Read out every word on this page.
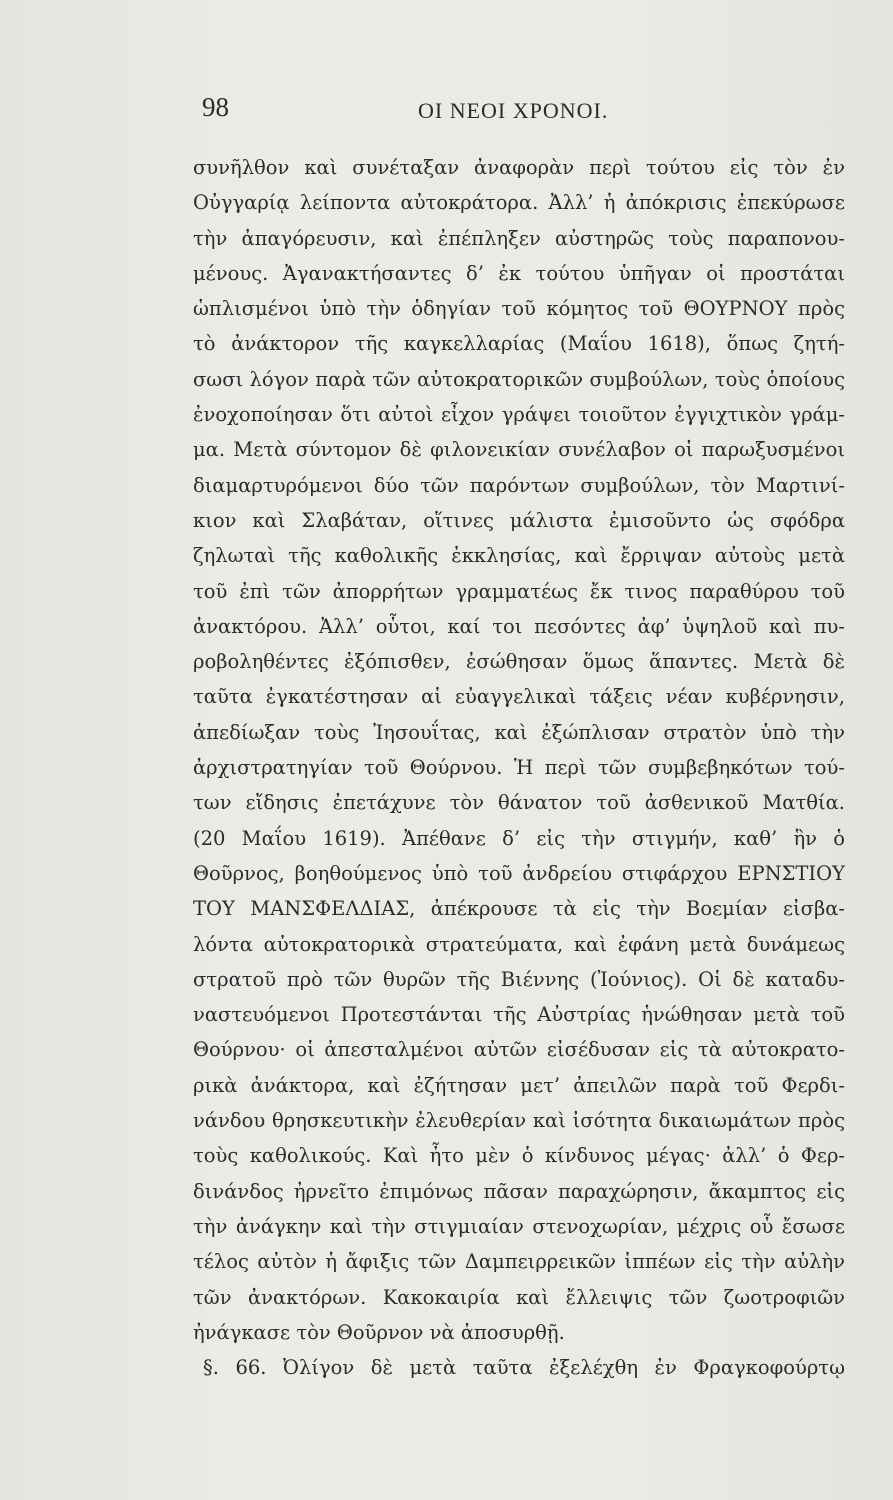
98	ΟΙ ΝΕΟΙ ΧΡΟΝΟΙ.
συνῆλθον καὶ συνέταξαν ἀναφορὰν περὶ τούτου εἰς τὸν ἐν
Οὐγγαρίᾳ λείποντα αὐτοκράτορα. Ἀλλ’ ἡ ἀπόκρισις ἐπεκύρωσε
τὴν ἀπαγόρευσιν, καὶ ἐπέπληξεν αὐστηρῶς τοὺς παραπονου-
μένους. Ἀγανακτήσαντες δ’ ἐκ τούτου ὑπῆγαν οἱ προστάται
ὡπλισμένοι ὑπὸ τὴν ὁδηγίαν τοῦ κόμητος τοῦ ΘΟΥΡΝΟΥ πρὸς
τὸ ἀνάκτορον τῆς καγκελλαρίας (Μαΐου 1618), ὅπως ζητή-
σωσι λόγον παρὰ τῶν αὐτοκρατορικῶν συμβούλων, τοὺς ὁποίους
ἐνοχοποίησαν ὅτι αὐτοὶ εἶχον γράψει τοιοῦτον ἐγγιχτικὸν γράμ-
μα. Μετὰ σύντομον δὲ φιλονεικίαν συνέλαβον οἱ παρωξυσμένοι
διαμαρτυρόμενοι δύο τῶν παρόντων συμβούλων, τὸν Μαρτινί-
κιον καὶ Σλαβάταν, οἵτινες μάλιστα ἐμισοῦντο ὡς σφόδρα
ζηλωταὶ τῆς καθολικῆς ἐκκλησίας, καὶ ἔρριψαν αὐτοὺς μετὰ
τοῦ ἐπὶ τῶν ἀπορρήτων γραμματέως ἔκ τινος παραθύρου τοῦ
ἀνακτόρου. Ἀλλ’ οὗτοι, καί τοι πεσόντες ἀφ’ ὑψηλοῦ καὶ πυ-
ροβοληθέντες ἐξόπισθεν, ἐσώθησαν ὅμως ἅπαντες. Μετὰ δὲ
ταῦτα ἐγκατέστησαν αἱ εὐαγγελικαὶ τάξεις νέαν κυβέρνησιν,
ἀπεδίωξαν τοὺς Ἰησουΐτας, καὶ ἐξώπλισαν στρατὸν ὑπὸ τὴν
ἀρχιστρατηγίαν τοῦ Θούρνου. Ἡ περὶ τῶν συμβεβηκότων τού-
των εἴδησις ἐπετάχυνε τὸν θάνατον τοῦ ἀσθενικοῦ Ματθία.
(20 Μαΐου 1619). Ἀπέθανε δ’ εἰς τὴν στιγμήν, καθ’ ἣν ὁ
Θοῦρνος, βοηθούμενος ὑπὸ τοῦ ἀνδρείου στιφάρχου ΕΡΝΣΤΙΟΥ
ΤΟΥ ΜΑΝΣΦΕΛΔΙΑΣ, ἀπέκρουσε τὰ εἰς τὴν Βοεμίαν εἰσβα-
λόντα αὐτοκρατορικὰ στρατεύματα, καὶ ἐφάνη μετὰ δυνάμεως
στρατοῦ πρὸ τῶν θυρῶν τῆς Βιέννης (Ἰούνιος). Οἱ δὲ καταδυ-
ναστευόμενοι Προτεστάνται τῆς Αὐστρίας ἡνώθησαν μετὰ τοῦ
Θούρνου· οἱ ἀπεσταλμένοι αὐτῶν εἰσέδυσαν εἰς τὰ αὐτοκρατο-
ρικὰ ἀνάκτορα, καὶ ἐζήτησαν μετ’ ἀπειλῶν παρὰ τοῦ Φερδι-
νάνδου θρησκευτικὴν ἐλευθερίαν καὶ ἰσότητα δικαιωμάτων πρὸς
τοὺς καθολικούς. Καὶ ἦτο μὲν ὁ κίνδυνος μέγας· ἀλλ’ ὁ Φερ-
δινάνδος ἠρνεῖτο ἐπιμόνως πᾶσαν παραχώρησιν, ἄκαμπτος εἰς
τὴν ἀνάγκην καὶ τὴν στιγμιαίαν στενοχωρίαν, μέχρις οὗ ἔσωσε
τέλος αὐτὸν ἡ ἄφιξις τῶν Δαμπειρρεικῶν ἱππέων εἰς τὴν αὐλὴν
τῶν ἀνακτόρων. Κακοκαιρία καὶ ἔλλειψις τῶν ζωοτροφιῶν
ἠνάγκασε τὸν Θοῦρνον νὰ ἀποσυρθῇ.
§. 66. Ὀλίγον δὲ μετὰ ταῦτα ἐξελέχθη ἐν Φραγκοφούρτῳ
